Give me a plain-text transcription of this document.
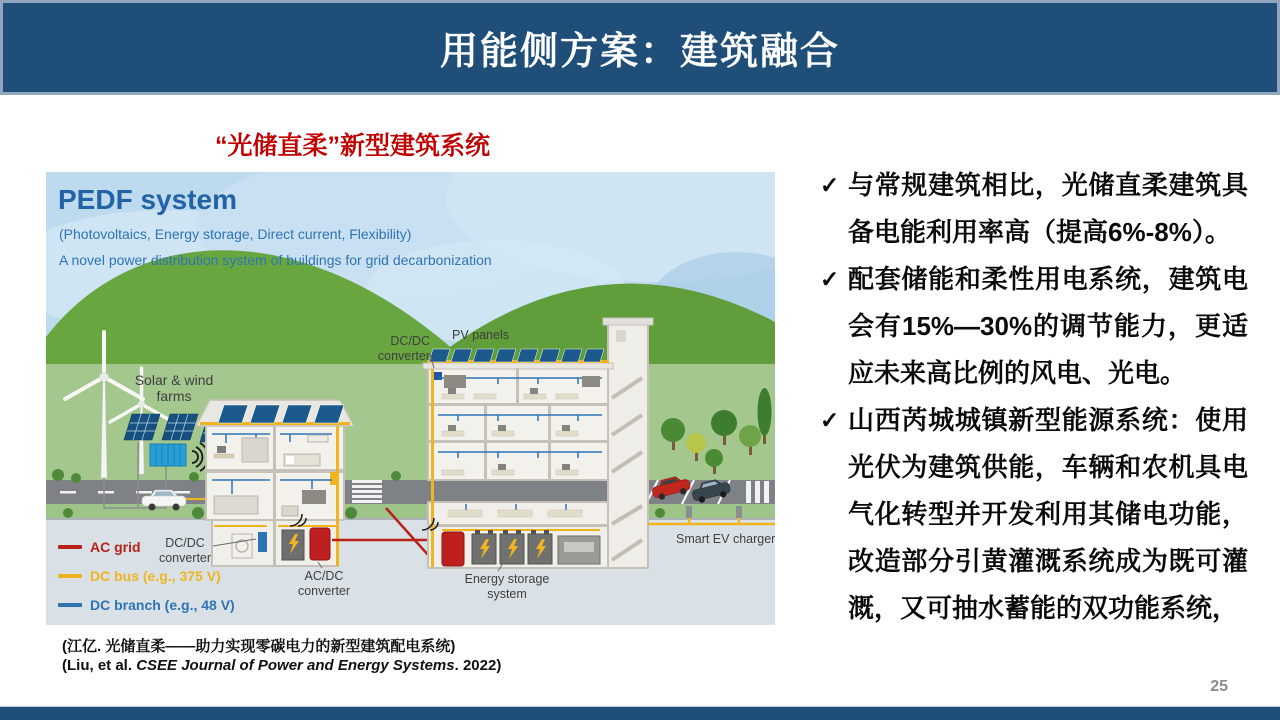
用能侧方案：建筑融合
“光储直柔”新型建筑系统
PEDF system
(Photovoltaics, Energy storage, Direct current, Flexibility)
A novel power distribution system of buildings for grid decarbonization
Solar & wind farms
DC/DC converter
PV panels
DC/DC converter
AC/DC converter
Energy storage system
Smart EV charger
AC grid
DC bus (e.g., 375 V)
DC branch (e.g., 48 V)
✓ 与常规建筑相比，光储直柔建筑具备电能利用率高（提高6%-8%）。
✓ 配套储能和柔性用电系统，建筑电会有15%—30%的调节能力，更适应未来高比例的风电、光电。
✓ 山西芮城城镇新型能源系统：使用光伏为建筑供能，车辆和农机具电气化转型并开发利用其储电功能，改造部分引黄灌溉系统成为既可灌溉，又可抽水蓄能的双功能系统，
(江亿. 光储直柔——助力实现零碳电力的新型建筑配电系统)
(Liu, et al. CSEE Journal of Power and Energy Systems. 2022)
25
